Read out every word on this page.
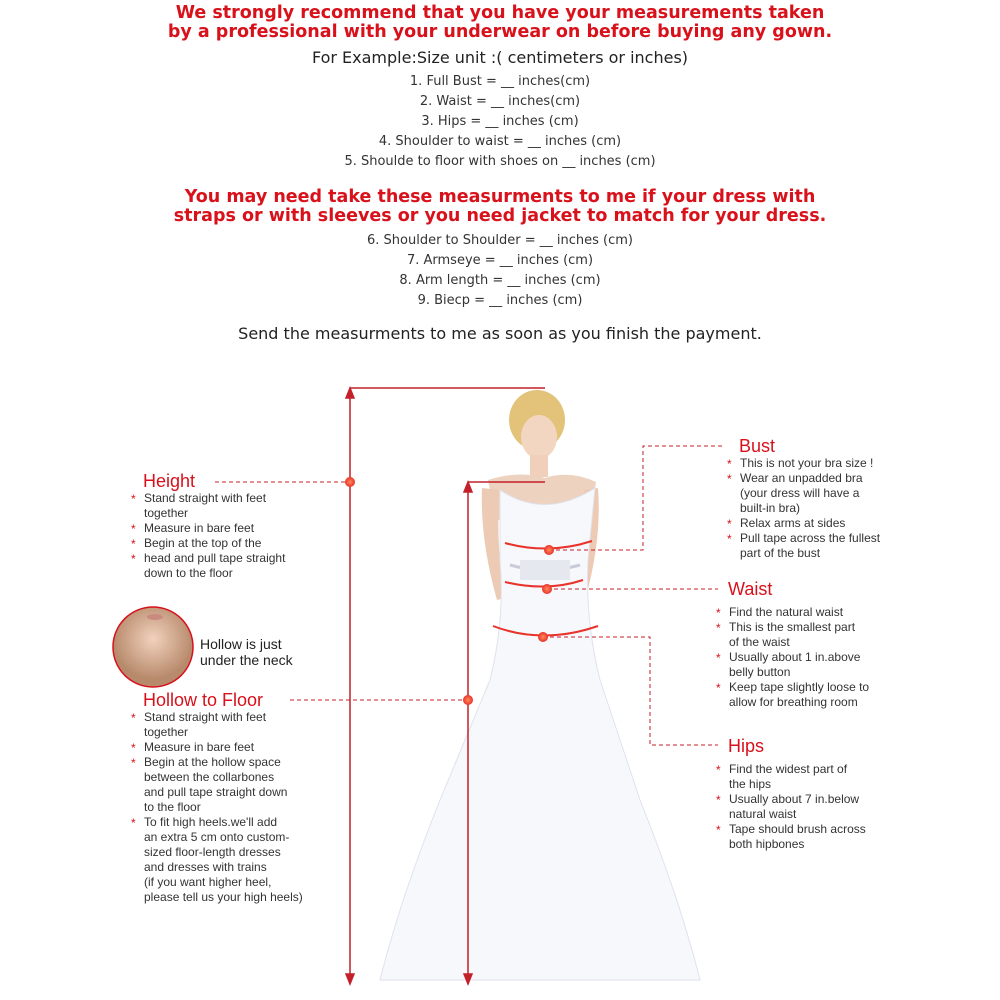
We strongly recommend that you have your measurements taken
by a professional with your underwear on before buying any gown.
For Example:Size unit :( centimeters or inches)
1. Full Bust = __ inches(cm)
2. Waist = __ inches(cm)
3. Hips = __ inches (cm)
4. Shoulder to waist = __ inches (cm)
5. Shoulde to floor with shoes on __ inches (cm)
You may need take these measurments to me if your dress with
straps or with sleeves or you need jacket to match for your dress.
6. Shoulder to Shoulder = __ inches (cm)
7. Armseye = __ inches (cm)
8. Arm length = __ inches (cm)
9. Biecp = __ inches (cm)
Send the measurments to me as soon as you finish the payment.
Height
* Stand straight with feet
together
* Measure in bare feet
* Begin at the top of the
* head and pull tape straight
down to the floor
Hollow is just
under the neck
Hollow to Floor
* Stand straight with feet
together
* Measure in bare feet
* Begin at the hollow space
between the collarbones
and pull tape straight down
to the floor
* To fit high heels.we'll add
an extra 5 cm onto custom-
sized floor-length dresses
and dresses with trains
(if you want higher heel,
please tell us your high heels)
Bust
* This is not your bra size !
* Wear an unpadded bra
(your dress will have a
built-in bra)
* Relax arms at sides
* Pull tape across the fullest
part of the bust
Waist
* Find the natural waist
* This is the smallest part
of the waist
* Usually about 1 in.above
belly button
* Keep tape slightly loose to
allow for breathing room
Hips
* Find the widest part of
the hips
* Usually about 7 in.below
natural waist
* Tape should brush across
both hipbones
